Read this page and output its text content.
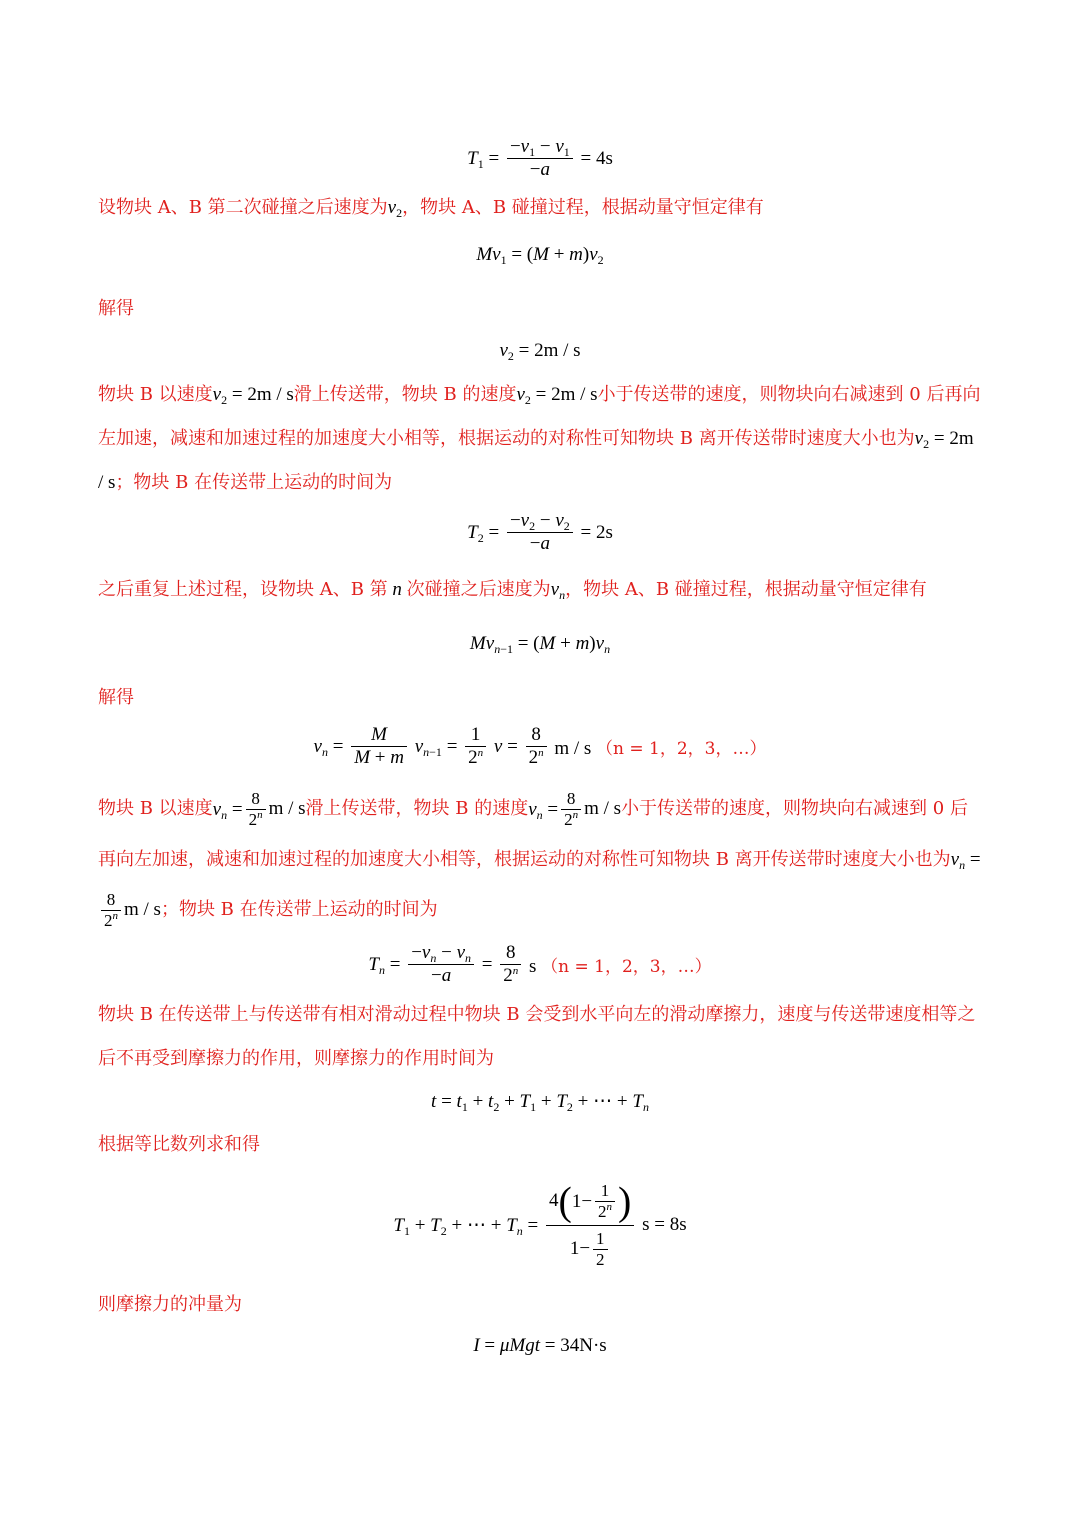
$T_1 = \frac{-v_1 - v_1}{-a} = 4s$

设物块 A、B 第二次碰撞之后速度为$v_2$，物块 A、B 碰撞过程，根据动量守恒定律有

$Mv_1 = (M + m)v_2$

解得

$v_2 = 2m / s$

物块 B 以速度$v_2 = 2m / s$滑上传送带，物块 B 的速度$v_2 = 2m / s$小于传送带的速度，则物块向右减速到 0 后再向左加速，减速和加速过程的加速度大小相等，根据运动的对称性可知物块 B 离开传送带时速度大小也为$v_2 = 2m / s$；物块 B 在传送带上运动的时间为

$T_2 = \frac{-v_2 - v_2}{-a} = 2s$

之后重复上述过程，设物块 A、B 第 n 次碰撞之后速度为$v_n$，物块 A、B 碰撞过程，根据动量守恒定律有

$Mv_{n-1} = (M + m)v_n$

解得

$v_n = \frac{M}{M + m} v_{n-1} = \frac{1}{2^n}$ $v = \frac{8}{2^n}$ m / s （n = 1，2，3，…）

物块 B 以速度$v_n = \frac{8}{2^n}$ m / s滑上传送带，物块 B 的速度$v_n = \frac{8}{2^n}$ m / s小于传送带的速度，则物块向右减速到 0 后再向左加速，减速和加速过程的加速度大小相等，根据运动的对称性可知物块 B 离开传送带时速度大小也为$v_n$ =
$\frac{8}{2^n}$ m / s；物块 B 在传送带上运动的时间为

$T_n = \frac{-v_n - v_n}{-a} = \frac{8}{2^n}$ s （n = 1，2，3，…）

物块 B 在传送带上与传送带有相对滑动过程中物块 B 会受到水平向左的滑动摩擦力，速度与传送带速度相等之后不再受到摩擦力的作用，则摩擦力的作用时间为

$t = t_1 + t_2 + T_1 + T_2$ + ⋯ + $T_n$

根据等比数列求和得

$T_1 + T_2$ + ⋯ + $T_n = \frac{4(1- \frac{1}{2^n} )}{1- \frac{1}{2}}$ s = 8s

则摩擦力的冲量为

I = μMgt = 34N·s
